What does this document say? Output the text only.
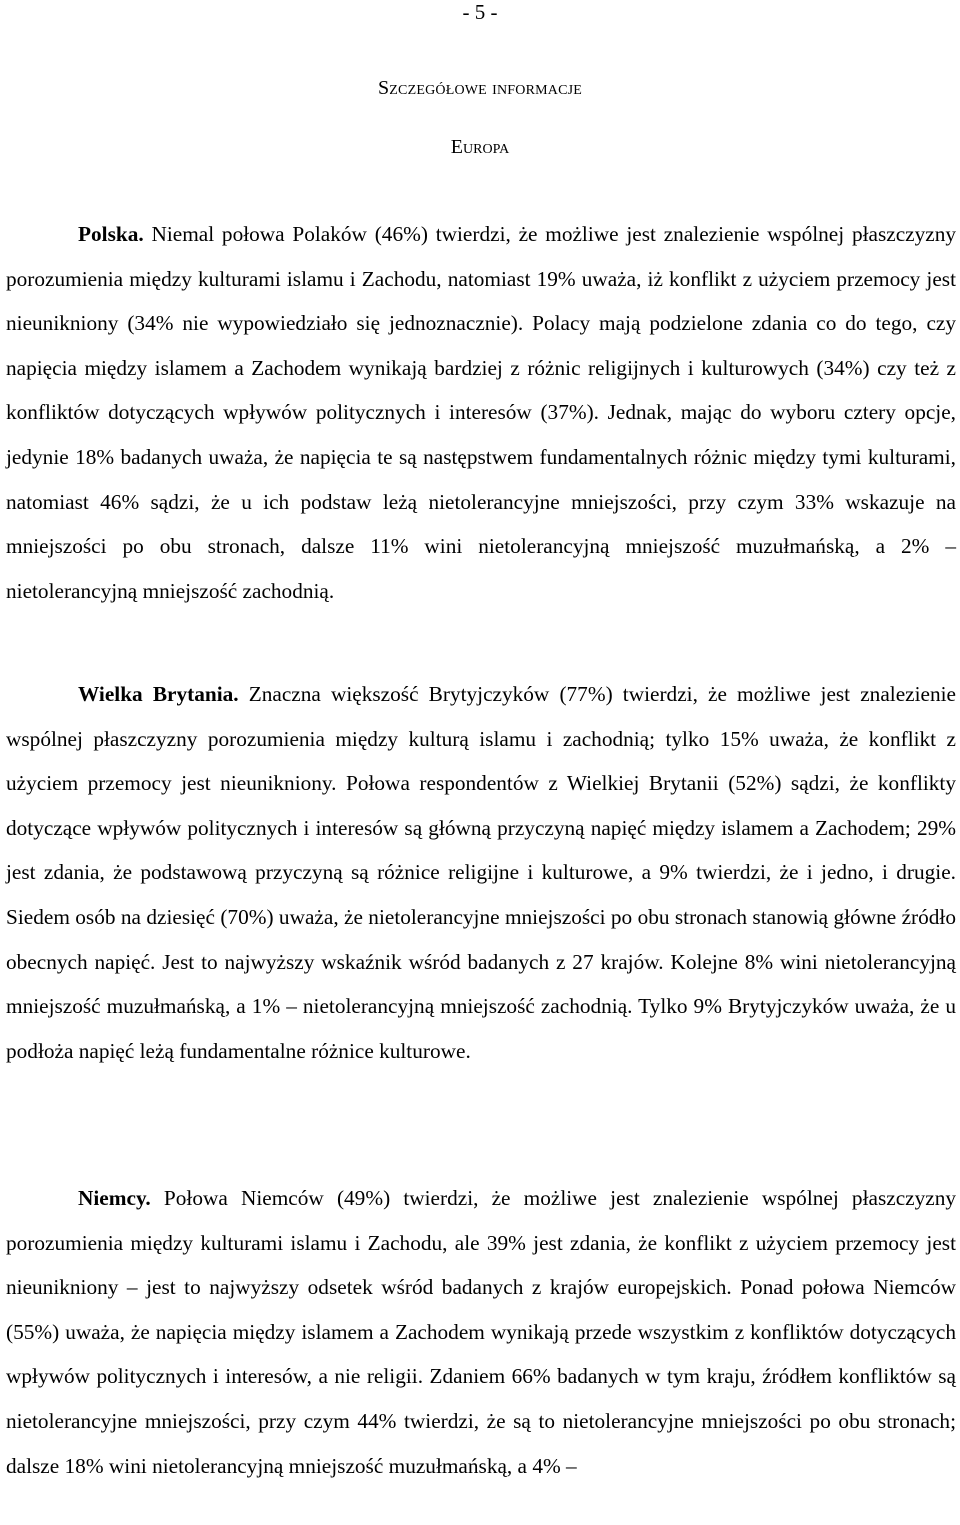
- 5 -
Szczegółowe informacje
Europa

Polska. Niemal połowa Polaków (46%) twierdzi, że możliwe jest znalezienie wspólnej płaszczyzny porozumienia między kulturami islamu i Zachodu, natomiast 19% uważa, iż konflikt z użyciem przemocy jest nieunikniony (34% nie wypowiedziało się jednoznacznie). Polacy mają podzielone zdania co do tego, czy napięcia między islamem a Zachodem wynikają bardziej z różnic religijnych i kulturowych (34%) czy też z konfliktów dotyczących wpływów politycznych i interesów (37%). Jednak, mając do wyboru cztery opcje, jedynie 18% badanych uważa, że napięcia te są następstwem fundamentalnych różnic między tymi kulturami, natomiast 46% sądzi, że u ich podstaw leżą nietolerancyjne mniejszości, przy czym 33% wskazuje na mniejszości po obu stronach, dalsze 11% wini nietolerancyjną mniejszość muzułmańską, a 2% – nietolerancyjną mniejszość zachodnią.

Wielka Brytania. Znaczna większość Brytyjczyków (77%) twierdzi, że możliwe jest znalezienie wspólnej płaszczyzny porozumienia między kulturą islamu i zachodnią; tylko 15% uważa, że konflikt z użyciem przemocy jest nieunikniony. Połowa respondentów z Wielkiej Brytanii (52%) sądzi, że konflikty dotyczące wpływów politycznych i interesów są główną przyczyną napięć między islamem a Zachodem; 29% jest zdania, że podstawową przyczyną są różnice religijne i kulturowe, a 9% twierdzi, że i jedno, i drugie. Siedem osób na dziesięć (70%) uważa, że nietolerancyjne mniejszości po obu stronach stanowią główne źródło obecnych napięć. Jest to najwyższy wskaźnik wśród badanych z 27 krajów. Kolejne 8% wini nietolerancyjną mniejszość muzułmańską, a 1% – nietolerancyjną mniejszość zachodnią. Tylko 9% Brytyjczyków uważa, że u podłoża napięć leżą fundamentalne różnice kulturowe.

Niemcy. Połowa Niemców (49%) twierdzi, że możliwe jest znalezienie wspólnej płaszczyzny porozumienia między kulturami islamu i Zachodu, ale 39% jest zdania, że konflikt z użyciem przemocy jest nieunikniony – jest to najwyższy odsetek wśród badanych z krajów europejskich. Ponad połowa Niemców (55%) uważa, że napięcia między islamem a Zachodem wynikają przede wszystkim z konfliktów dotyczących wpływów politycznych i interesów, a nie religii. Zdaniem 66% badanych w tym kraju, źródłem konfliktów są nietolerancyjne mniejszości, przy czym 44% twierdzi, że są to nietolerancyjne mniejszości po obu stronach; dalsze 18% wini nietolerancyjną mniejszość muzułmańską, a 4% –
